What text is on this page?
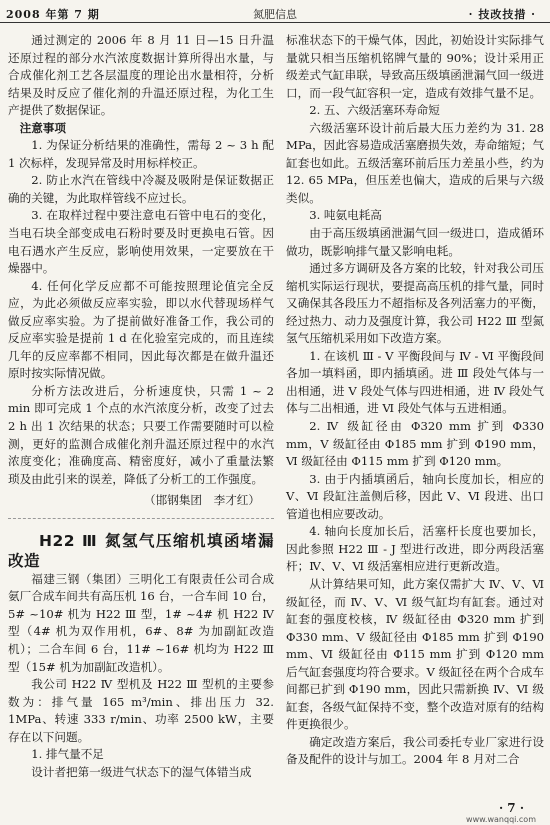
2008 年第 7 期	氮肥信息	· 技改技措 ·

通过测定的 2006 年 8 月 11 日—15 日升温还原过程的部分水汽浓度数据计算所得出水量，与合成催化剂工艺各层温度的理论出水量相符，分析结果及时反应了催化剂的升温还原过程，为化工生产提供了数据保证。

注意事项

1. 为保证分析结果的准确性，需每 2 ~ 3 h 配 1 次标样，发现异常及时用标样校正。

2. 防止水汽在管线中冷凝及吸附是保证数据正确的关键，为此取样管线不应过长。

3. 在取样过程中要注意电石管中电石的变化，当电石块全部变成电石粉时要及时更换电石管。因电石遇水产生反应，影响使用效果，一定要放在干燥器中。

4. 任何化学反应都不可能按照理论值完全反应，为此必须做反应率实验，即以水代替现场样气做反应率实验。为了提前做好准备工作，我公司的反应率实验是提前 1 d 在化验室完成的，而且连续几年的反应率都不相同，因此每次都是在做升温还原时按实际情况做。

分析方法改进后，分析速度快，只需 1 ~ 2 min 即可完成 1 个点的水汽浓度分析，改变了过去 2 h 出 1 次结果的状态；只要工作需要随时可以检测，更好的监测合成催化剂升温还原过程中的水汽浓度变化；准确度高、精密度好，减小了重量法繁琐及由此引来的误差，降低了分析工的工作强度。

（邯钢集团　李才红）

H22 Ⅲ 氮氢气压缩机填函堵漏改造

福建三钢（集团）三明化工有限责任公司合成氨厂合成车间共有高压机 16 台，一合车间 10 台，5# ~10# 机为 H22 Ⅲ 型，1# ~4# 机 H22 Ⅳ 型（4# 机为双作用机，6#、8# 为加副缸改造机）；二合车间 6 台，11# ~16# 机均为 H22 Ⅲ 型（15# 机为加副缸改造机）。

我公司 H22 Ⅳ 型机及 H22 Ⅲ 型机的主要参数为：排气量 165 m³/min、排出压力 32. 1MPa、转速 333 r/min、功率 2500 kW，主要存在以下问题。

1. 排气量不足

设计者把第一级进气状态下的湿气体错当成

标准状态下的干燥气体，因此，初始设计实际排气量就只相当压缩机铭牌气量的 90%；设计采用正级差式气缸串联，导致高压级填函泄漏气回一级进口，而一段气缸容积一定，造成有效排气量不足。

2. 五、六级活塞环寿命短

六级活塞环设计前后最大压力差约为 31. 28 MPa，因此容易造成活塞磨损失效，寿命缩短；气缸套也如此。五级活塞环前后压力差虽小些，约为 12. 65 MPa，但压差也偏大，造成的后果与六级类似。

3. 吨氨电耗高

由于高压级填函泄漏气回一级进口，造成循环做功，既影响排气量又影响电耗。

通过多方调研及各方案的比较，针对我公司压缩机实际运行现状，要提高高压机的排气量，同时又确保其各段压力不超指标及各列活塞力的平衡，经过热力、动力及强度计算，我公司 H22 Ⅲ 型氮氢气压缩机采用如下改造方案。

1. 在该机 Ⅲ - Ⅴ 平衡段间与 Ⅳ - Ⅵ 平衡段间各加一填料函，即内插填函。进 Ⅲ 段处气体与一出相通，进 Ⅴ 段处气体与四进相通，进 Ⅳ 段处气体与二出相通，进 Ⅵ 段处气体与五进相通。

2. Ⅳ 级缸径由 Φ320 mm 扩到 Φ330 mm，Ⅴ 级缸径由 Φ185 mm 扩到 Φ190 mm，Ⅵ 级缸径由 Φ115 mm 扩到 Φ120 mm。

3. 由于内插填函后，轴向长度加长，相应的 Ⅴ、Ⅵ 段缸注盖侧后移，因此 Ⅴ、Ⅵ 段进、出口管道也相应要改动。

4. 轴向长度加长后，活塞杆长度也要加长，因此参照 H22 Ⅲ - J 型进行改进，即分两段活塞杆；Ⅳ、Ⅴ、Ⅵ 级活塞相应进行更新改造。

从计算结果可知，此方案仅需扩大 Ⅳ、Ⅴ、Ⅵ 级缸径，而 Ⅳ、Ⅴ、Ⅵ 级气缸均有缸套。通过对缸套的强度校核，Ⅳ 级缸径由 Φ320 mm 扩到 Φ330 mm、Ⅴ 级缸径由 Φ185 mm 扩到 Φ190 mm、Ⅵ 级缸径由 Φ115 mm 扩到 Φ120 mm 后气缸套强度均符合要求。Ⅴ 级缸径在两个合成车间都已扩到 Φ190 mm，因此只需新换 Ⅳ、Ⅵ 级缸套，各级气缸保持不变，整个改造对原有的结构件更换很少。

确定改造方案后，我公司委托专业厂家进行设备及配件的设计与加工。2004 年 8 月对二合

· 7 ·
www.wanqqi.com
